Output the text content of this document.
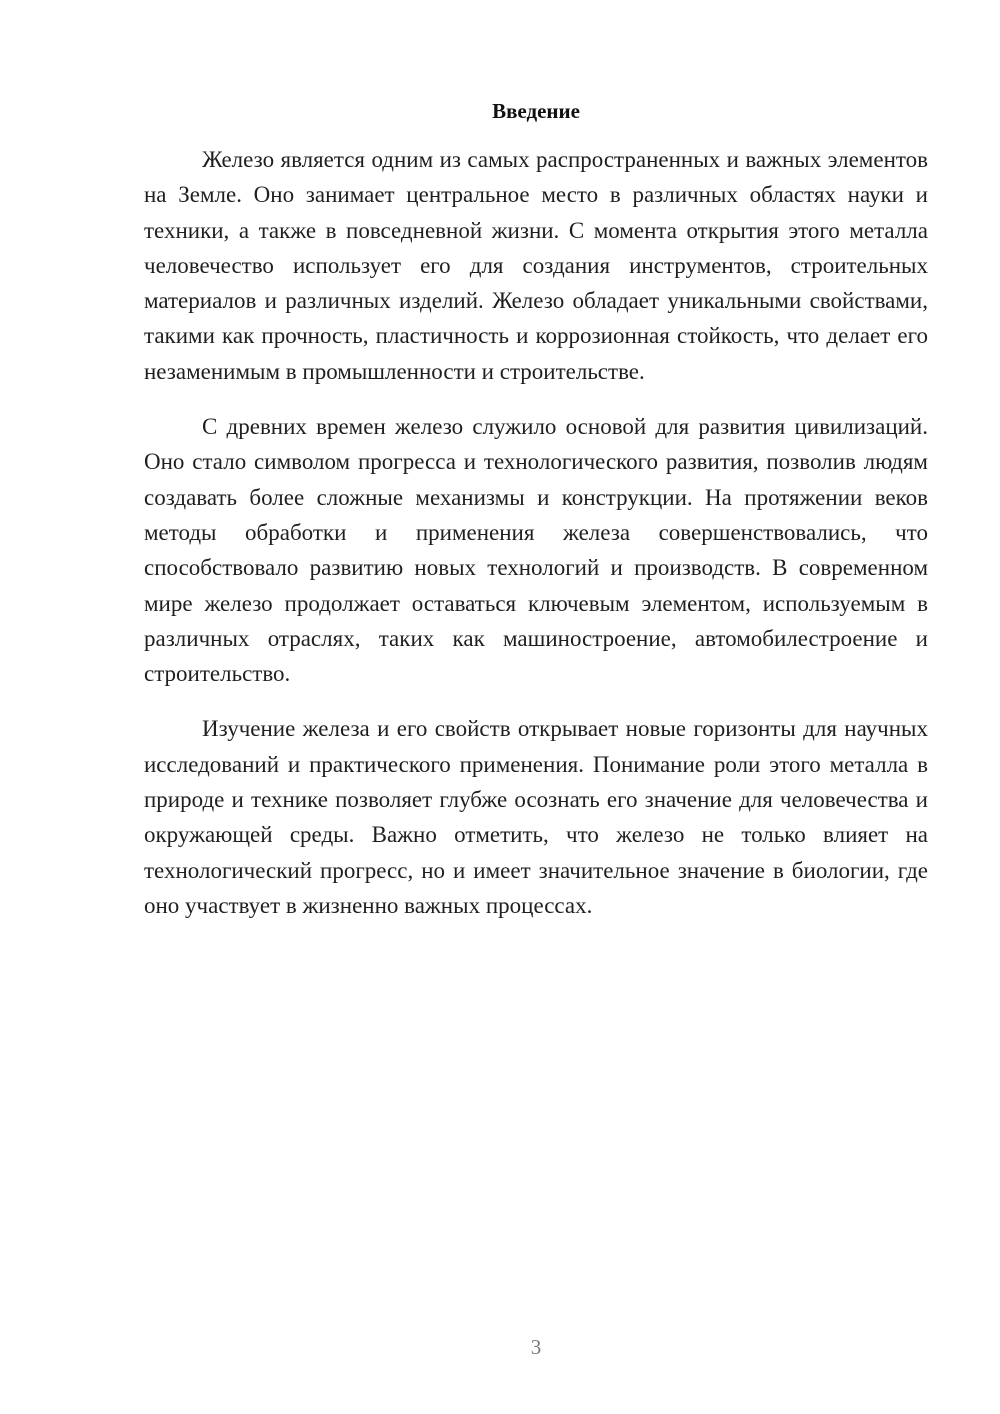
Введение

Железо является одним из самых распространенных и важных элементов на Земле. Оно занимает центральное место в различных областях науки и техники, а также в повседневной жизни. С момента открытия этого металла человечество использует его для создания инструментов, строительных материалов и различных изделий. Железо обладает уникальными свойствами, такими как прочность, пластичность и коррозионная стойкость, что делает его незаменимым в промышленности и строительстве.

С древних времен железо служило основой для развития цивилизаций. Оно стало символом прогресса и технологического развития, позволив людям создавать более сложные механизмы и конструкции. На протяжении веков методы обработки и применения железа совершенствовались, что способствовало развитию новых технологий и производств. В современном мире железо продолжает оставаться ключевым элементом, используемым в различных отраслях, таких как машиностроение, автомобилестроение и строительство.

Изучение железа и его свойств открывает новые горизонты для научных исследований и практического применения. Понимание роли этого металла в природе и технике позволяет глубже осознать его значение для человечества и окружающей среды. Важно отметить, что железо не только влияет на технологический прогресс, но и имеет значительное значение в биологии, где оно участвует в жизненно важных процессах.

3
